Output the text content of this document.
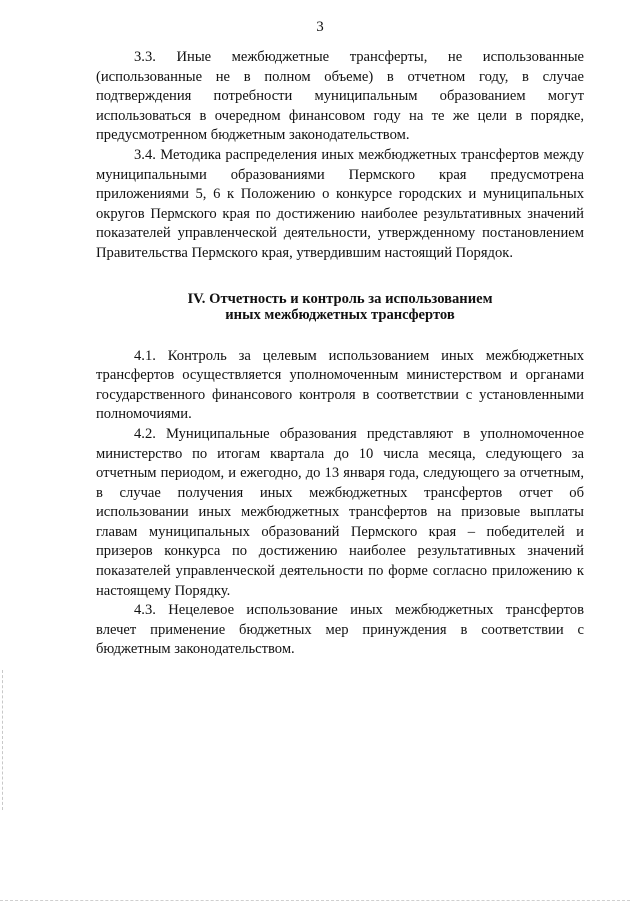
3

3.3. Иные межбюджетные трансферты, не использованные (использованные не в полном объеме) в отчетном году, в случае подтверждения потребности муниципальным образованием могут использоваться в очередном финансовом году на те же цели в порядке, предусмотренном бюджетным законодательством.

3.4. Методика распределения иных межбюджетных трансфертов между муниципальными образованиями Пермского края предусмотрена приложениями 5, 6 к Положению о конкурсе городских и муниципальных округов Пермского края по достижению наиболее результативных значений показателей управленческой деятельности, утвержденному постановлением Правительства Пермского края, утвердившим настоящий Порядок.

IV. Отчетность и контроль за использованием
иных межбюджетных трансфертов

4.1. Контроль за целевым использованием иных межбюджетных трансфертов осуществляется уполномоченным министерством и органами государственного финансового контроля в соответствии с установленными полномочиями.

4.2. Муниципальные образования представляют в уполномоченное министерство по итогам квартала до 10 числа месяца, следующего за отчетным периодом, и ежегодно, до 13 января года, следующего за отчетным, в случае получения иных межбюджетных трансфертов отчет об использовании иных межбюджетных трансфертов на призовые выплаты главам муниципальных образований Пермского края – победителей и призеров конкурса по достижению наиболее результативных значений показателей управленческой деятельности по форме согласно приложению к настоящему Порядку.

4.3. Нецелевое использование иных межбюджетных трансфертов влечет применение бюджетных мер принуждения в соответствии с бюджетным законодательством.
